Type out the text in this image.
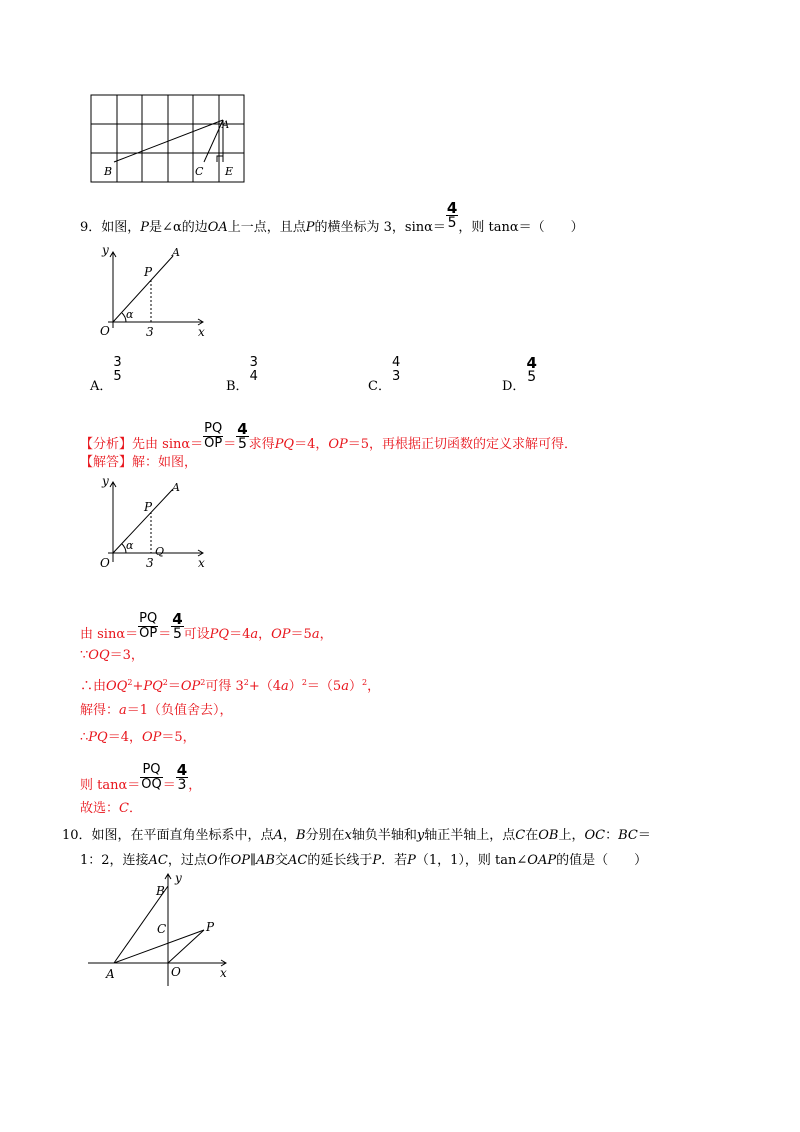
A
B	C E
9．如图，P是∠α的边OA上一点，且点P的横坐标为 3，$\sin\alpha= \frac{4}{5}$ ，则 tanα＝（　　）
y
x
O
P
A
α
3
A．
3
5
B．
3
4
C．
4
3
D．
4
5
【分析】先由 $\sin\alpha= \frac{PQ}{OP} = \frac{4}{5}$ 求得PQ＝4，OP＝5，再根据正切函数的定义求解可得．
【解答】解：如图，
y
x
O
P
A
α
3
Q
由 $\sin\alpha= \frac{PQ}{OP} = \frac{4}{5}$ 可设PQ＝4a，OP＝5a，
∵OQ＝3，
∴由$OQ^2+PQ^2=OP^2$可得 $3^2+(4a)^2=(5a)^2$，
解得：a＝1（负值舍去），
∴PQ＝4，OP＝5，
则 $\tan\alpha= \frac{PQ}{OQ} = \frac{4}{3}$ ，
故选：C．
10．如图，在平面直角坐标系中，点A，B分别在x轴负半轴和y轴正半轴上，点C在OB上，OC：BC＝
1：2，连接AC，过点O作OP∥AB交AC的延长线于P．若P（1，1），则 tan∠OAP的值是（　　）
y
x
B
C	P
A	O
